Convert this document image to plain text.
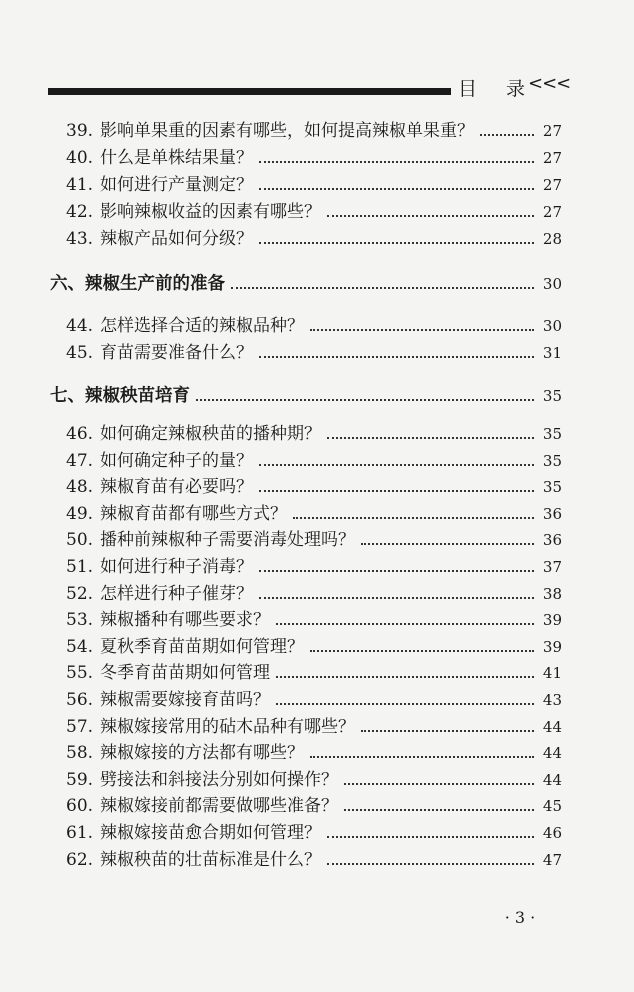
目 录 <<<
39. 影响单果重的因素有哪些，如何提高辣椒单果重？	27
40. 什么是单株结果量？	27
41. 如何进行产量测定？	27
42. 影响辣椒收益的因素有哪些？	27
43. 辣椒产品如何分级？	28
六、辣椒生产前的准备	30
44. 怎样选择合适的辣椒品种？	30
45. 育苗需要准备什么？	31
七、辣椒秧苗培育	35
46. 如何确定辣椒秧苗的播种期？	35
47. 如何确定种子的量？	35
48. 辣椒育苗有必要吗？	35
49. 辣椒育苗都有哪些方式？	36
50. 播种前辣椒种子需要消毒处理吗？	36
51. 如何进行种子消毒？	37
52. 怎样进行种子催芽？	38
53. 辣椒播种有哪些要求？	39
54. 夏秋季育苗苗期如何管理？	39
55. 冬季育苗苗期如何管理	41
56. 辣椒需要嫁接育苗吗？	43
57. 辣椒嫁接常用的砧木品种有哪些？	44
58. 辣椒嫁接的方法都有哪些？	44
59. 劈接法和斜接法分别如何操作？	44
60. 辣椒嫁接前都需要做哪些准备？	45
61. 辣椒嫁接苗愈合期如何管理？	46
62. 辣椒秧苗的壮苗标准是什么？	47
· 3 ·
